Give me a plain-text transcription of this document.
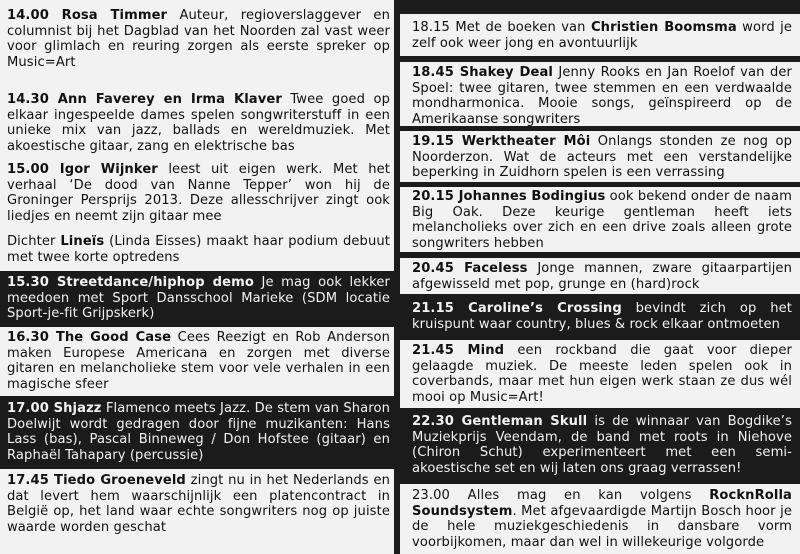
14.00 Rosa Timmer Auteur, regioverslaggever en columnist bij het Dagblad van het Noorden zal vast weer voor glimlach en reuring zorgen als eerste spreker op Music=Art
14.30 Ann Faverey en Irma Klaver Twee goed op elkaar ingespeelde dames spelen songwriterstuff in een unieke mix van jazz, ballads en wereldmuziek. Met akoestische gitaar, zang en elektrische bas
15.00 Igor Wijnker leest uit eigen werk. Met het verhaal ‘De dood van Nanne Tepper’ won hij de Groninger Persprijs 2013. Deze allesschrijver zingt ook liedjes en neemt zijn gitaar mee
Dichter Lineïs (Linda Eisses) maakt haar podium debuut met twee korte optredens
15.30 Streetdance/hiphop demo Je mag ook lekker meedoen met Sport Dansschool Marieke (SDM locatie Sport-je-fit Grijpskerk)
16.30 The Good Case Cees Reezigt en Rob Anderson maken Europese Americana en zorgen met diverse gitaren en melancholieke stem voor vele verhalen in een magische sfeer
17.00 Shjazz Flamenco meets Jazz. De stem van Sharon Doelwijt wordt gedragen door fijne muzikanten: Hans Lass (bas), Pascal Binneweg / Don Hofstee (gitaar) en Raphaël Tahapary (percussie)
17.45 Tiedo Groeneveld zingt nu in het Nederlands en dat levert hem waarschijnlijk een platencontract in België op, het land waar echte songwriters nog op juiste waarde worden geschat
18.15 Met de boeken van Christien Boomsma word je zelf ook weer jong en avontuurlijk
18.45 Shakey Deal Jenny Rooks en Jan Roelof van der Spoel: twee gitaren, twee stemmen en een verdwaalde mondharmonica. Mooie songs, geïnspireerd op de Amerikaanse songwriters
19.15 Werktheater Môi Onlangs stonden ze nog op Noorderzon. Wat de acteurs met een verstandelijke beperking in Zuidhorn spelen is een verrassing
20.15 Johannes Bodingius ook bekend onder de naam Big Oak. Deze keurige gentleman heeft iets melancholieks over zich en een drive zoals alleen grote songwriters hebben
20.45 Faceless Jonge mannen, zware gitaarpartijen afgewisseld met pop, grunge en (hard)rock
21.15 Caroline’s Crossing bevindt zich op het kruispunt waar country, blues & rock elkaar ontmoeten
21.45 Mind een rockband die gaat voor dieper gelaagde muziek. De meeste leden spelen ook in coverbands, maar met hun eigen werk staan ze dus wél mooi op Music=Art!
22.30 Gentleman Skull is de winnaar van Bogdike’s Muziekprijs Veendam, de band met roots in Niehove (Chiron Schut) experimenteert met een semi-akoestische set en wij laten ons graag verrassen!
23.00 Alles mag en kan volgens RocknRolla Soundsystem. Met afgevaardigde Martijn Bosch hoor je de hele muziekgeschiedenis in dansbare vorm voorbijkomen, maar dan wel in willekeurige volgorde
